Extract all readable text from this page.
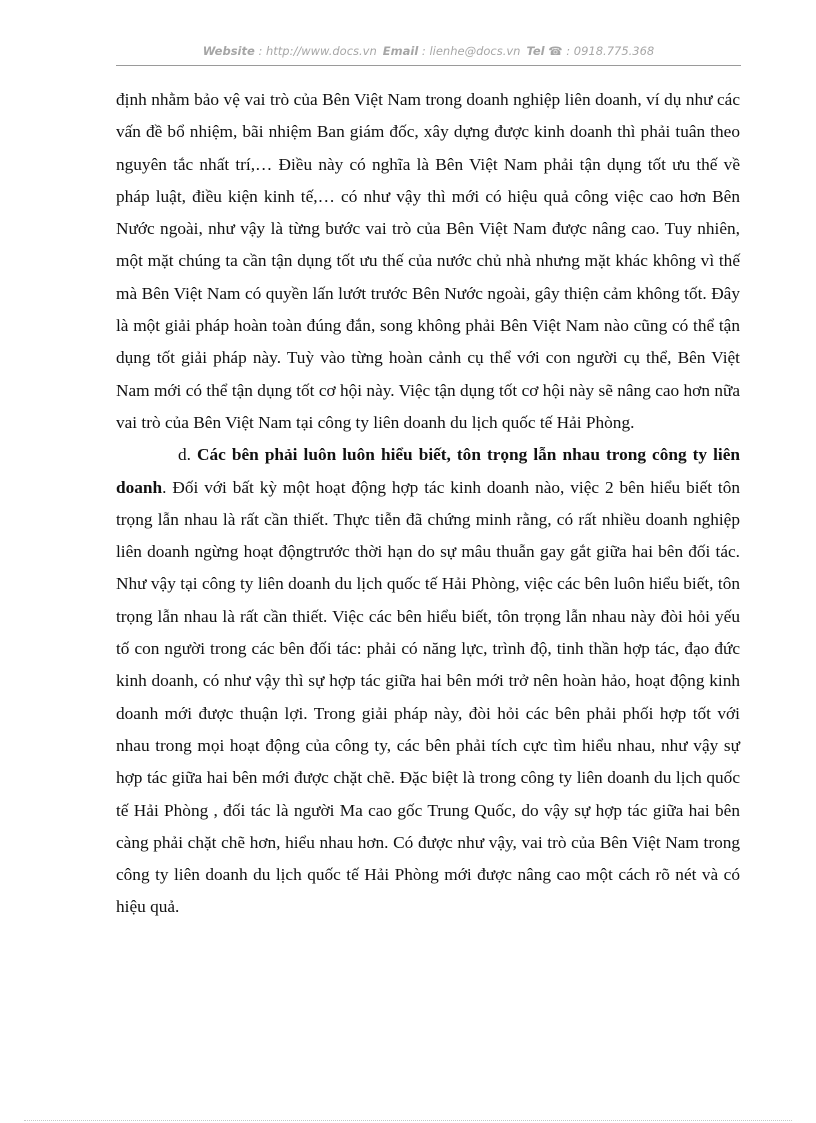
Website : http://www.docs.vn Email : lienhe@docs.vn Tel ☎ : 0918.775.368

định nhằm bảo vệ vai trò của Bên Việt Nam trong doanh nghiệp liên doanh, ví dụ như các vấn đề bổ nhiệm, bãi nhiệm Ban giám đốc, xây dựng được kinh doanh thì phải tuân theo nguyên tắc nhất trí,… Điều này có nghĩa là Bên Việt Nam phải tận dụng tốt ưu thế về pháp luật, điều kiện kinh tế,… có như vậy thì mới có hiệu quả công việc cao hơn Bên Nước ngoài, như vậy là từng bước vai trò của Bên Việt Nam được nâng cao. Tuy nhiên, một mặt chúng ta cần tận dụng tốt ưu thế của nước chủ nhà nhưng mặt khác không vì thế mà Bên Việt Nam có quyền lấn lướt trước Bên Nước ngoài, gây thiện cảm không tốt. Đây là một giải pháp hoàn toàn đúng đắn, song không phải Bên Việt Nam nào cũng có thể tận dụng tốt giải pháp này. Tuỳ vào từng hoàn cảnh cụ thể với con người cụ thể, Bên Việt Nam mới có thể tận dụng tốt cơ hội này. Việc tận dụng tốt cơ hội này sẽ nâng cao hơn nữa vai trò của Bên Việt Nam tại công ty liên doanh du lịch quốc tế Hải Phòng.

d. Các bên phải luôn luôn hiểu biết, tôn trọng lẫn nhau trong công ty liên doanh. Đối với bất kỳ một hoạt động hợp tác kinh doanh nào, việc 2 bên hiểu biết tôn trọng lẫn nhau là rất cần thiết. Thực tiễn đã chứng minh rằng, có rất nhiều doanh nghiệp liên doanh ngừng hoạt độngtrước thời hạn do sự mâu thuẫn gay gắt giữa hai bên đối tác. Như vậy tại công ty liên doanh du lịch quốc tế Hải Phòng, việc các bên luôn hiểu biết, tôn trọng lẫn nhau là rất cần thiết. Việc các bên hiểu biết, tôn trọng lẫn nhau này đòi hỏi yếu tố con người trong các bên đối tác: phải có năng lực, trình độ, tinh thần hợp tác, đạo đức kinh doanh, có như vậy thì sự hợp tác giữa hai bên mới trở nên hoàn hảo, hoạt động kinh doanh mới được thuận lợi. Trong giải pháp này, đòi hỏi các bên phải phối hợp tốt với nhau trong mọi hoạt động của công ty, các bên phải tích cực tìm hiểu nhau, như vậy sự hợp tác giữa hai bên mới được chặt chẽ. Đặc biệt là trong công ty liên doanh du lịch quốc tế Hải Phòng , đối tác là người Ma cao gốc Trung Quốc, do vậy sự hợp tác giữa hai bên càng phải chặt chẽ hơn, hiểu nhau hơn. Có được như vậy, vai trò của Bên Việt Nam trong công ty liên doanh du lịch quốc tế Hải Phòng mới được nâng cao một cách rõ nét và có hiệu quả.
